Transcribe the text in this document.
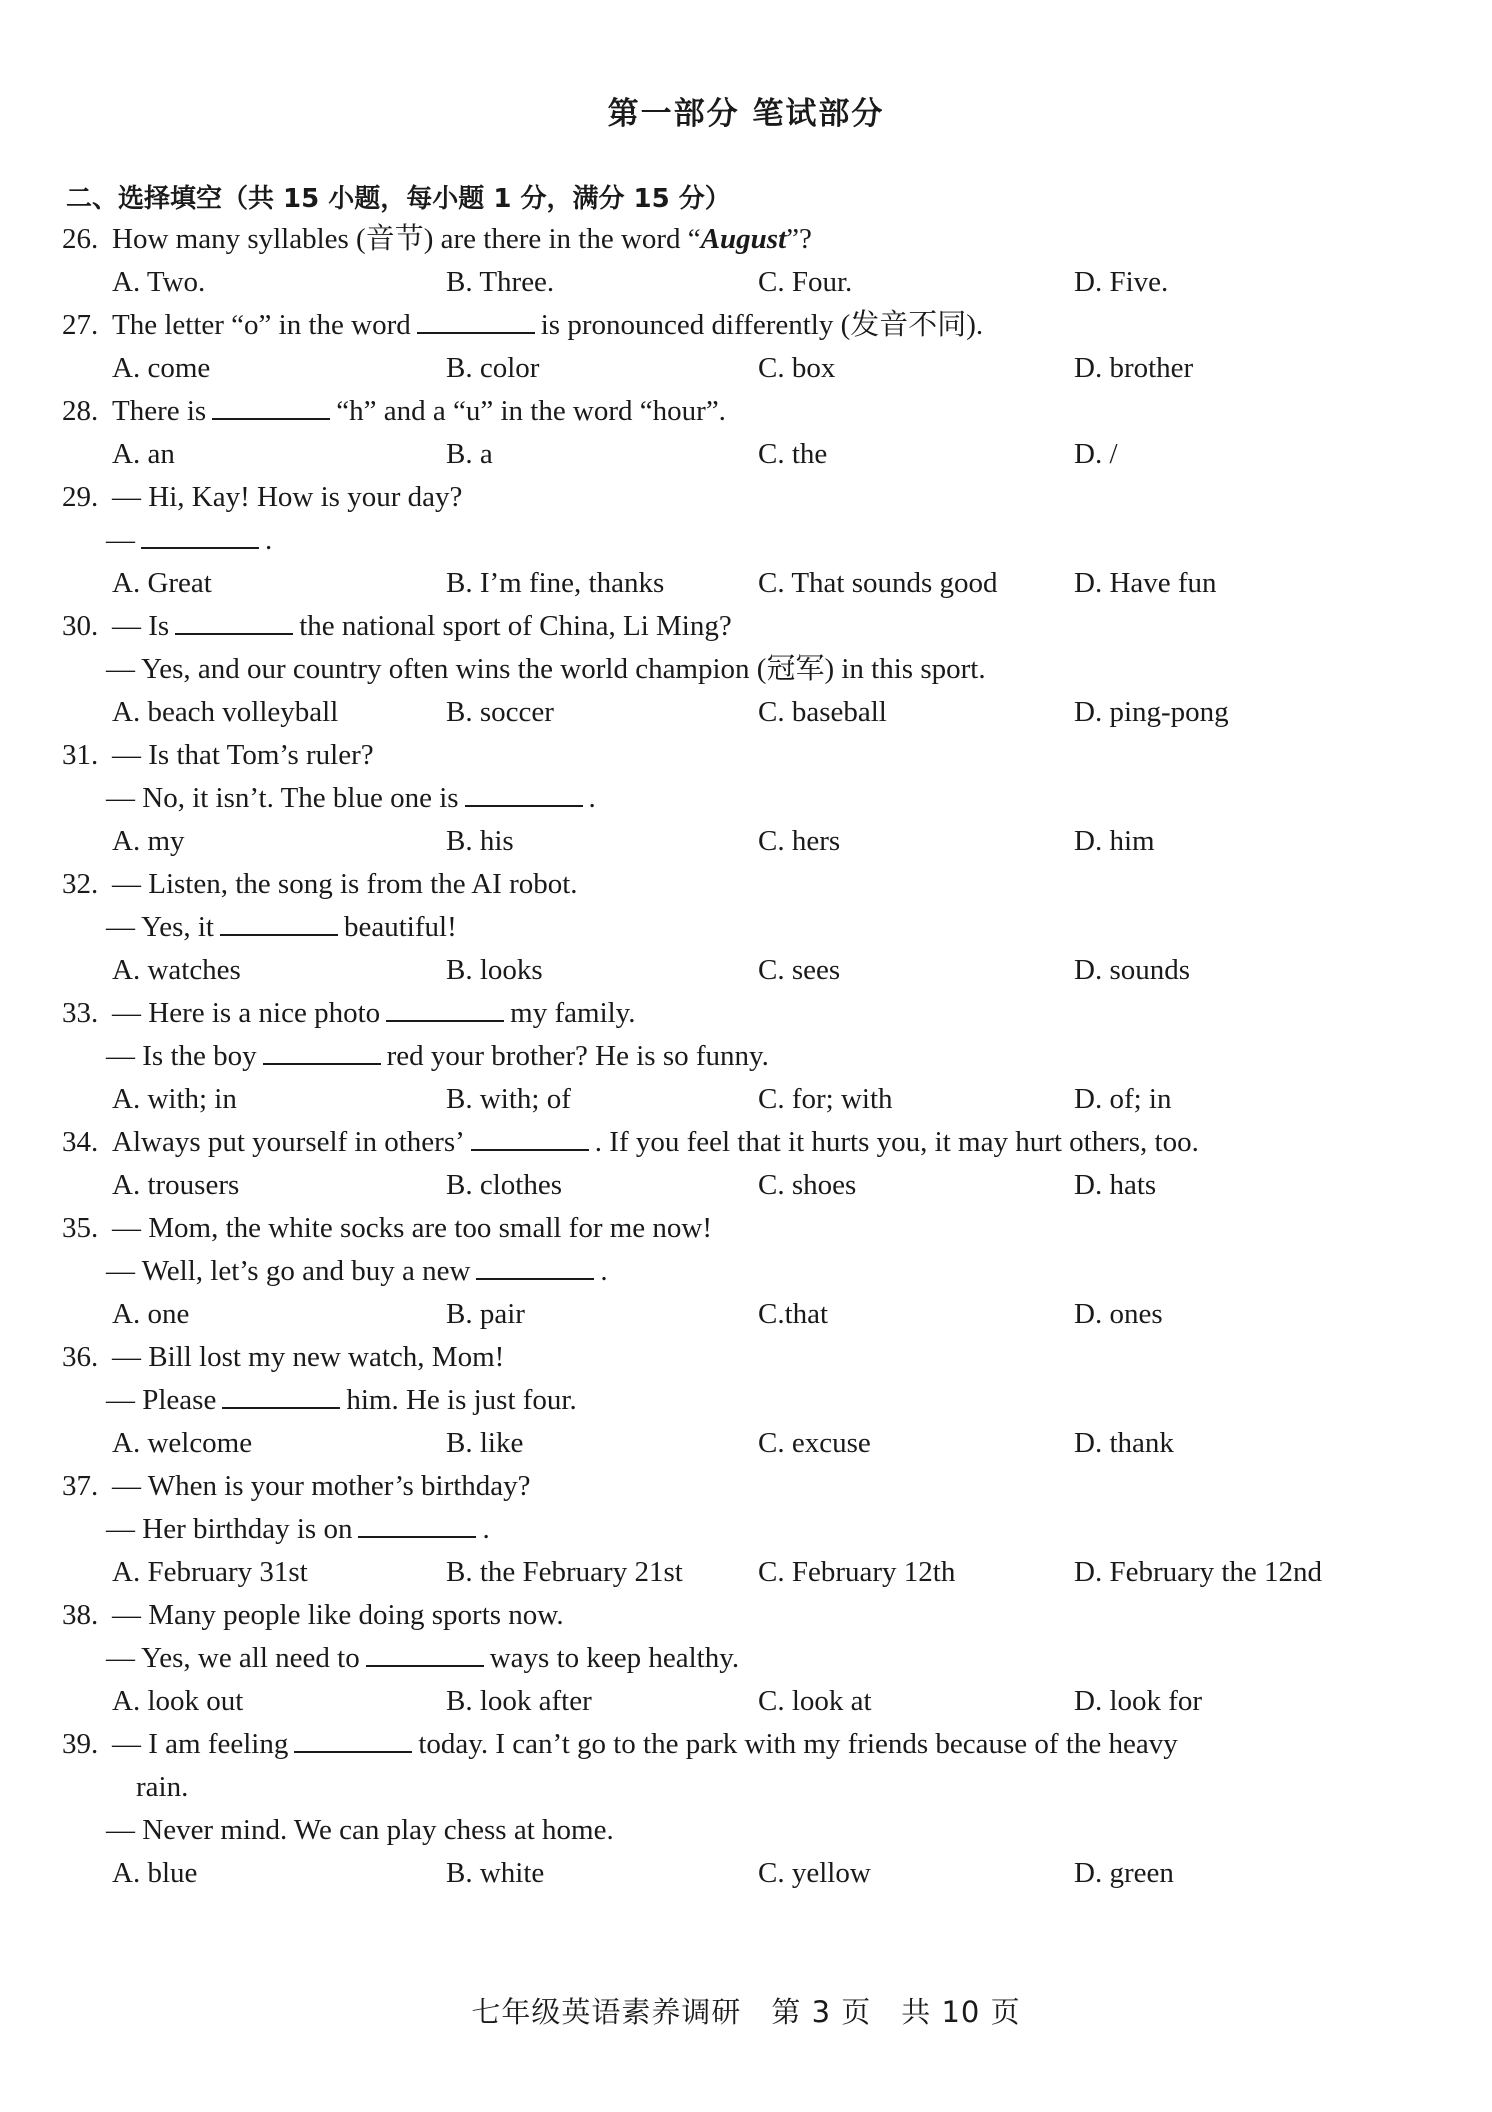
第一部分 笔试部分
二、选择填空（共 15 小题，每小题 1 分，满分 15 分）
26. How many syllables (音节) are there in the word “August”?
A. Two.	B. Three.	C. Four.	D. Five.
27. The letter “o” in the word	is pronounced differently (发音不同).
A. come	B. color	C. box	D. brother
28. There is	“h” and a “u” in the word “hour”.
A. an	B. a	C. the	D. /
29. — Hi, Kay! How is your day?
—	.
A. Great	B. I’m fine, thanks	C. That sounds good	D. Have fun
30. — Is	the national sport of China, Li Ming?
— Yes, and our country often wins the world champion (冠军) in this sport.
A. beach volleyball	B. soccer	C. baseball	D. ping-pong
31. — Is that Tom’s ruler?
— No, it isn’t. The blue one is	.
A. my	B. his	C. hers	D. him
32. — Listen, the song is from the AI robot.
— Yes, it	beautiful!
A. watches	B. looks	C. sees	D. sounds
33. — Here is a nice photo	my family.
— Is the boy	red your brother? He is so funny.
A. with; in	B. with; of	C. for; with	D. of; in
34. Always put yourself in others’	. If you feel that it hurts you, it may hurt others, too.
A. trousers	B. clothes	C. shoes	D. hats
35. — Mom, the white socks are too small for me now!
— Well, let’s go and buy a new	.
A. one	B. pair	C.that	D. ones
36. — Bill lost my new watch, Mom!
— Please	him. He is just four.
A. welcome	B. like	C. excuse	D. thank
37. — When is your mother’s birthday?
— Her birthday is on	.
A. February 31st	B. the February 21st	C. February 12th	D. February the 12nd
38. — Many people like doing sports now.
— Yes, we all need to	ways to keep healthy.
A. look out	B. look after	C. look at	D. look for
39. — I am feeling	today. I can’t go to the park with my friends because of the heavy
rain.
— Never mind. We can play chess at home.
A. blue	B. white	C. yellow	D. green
七年级英语素养调研　第 3 页　共 10 页
